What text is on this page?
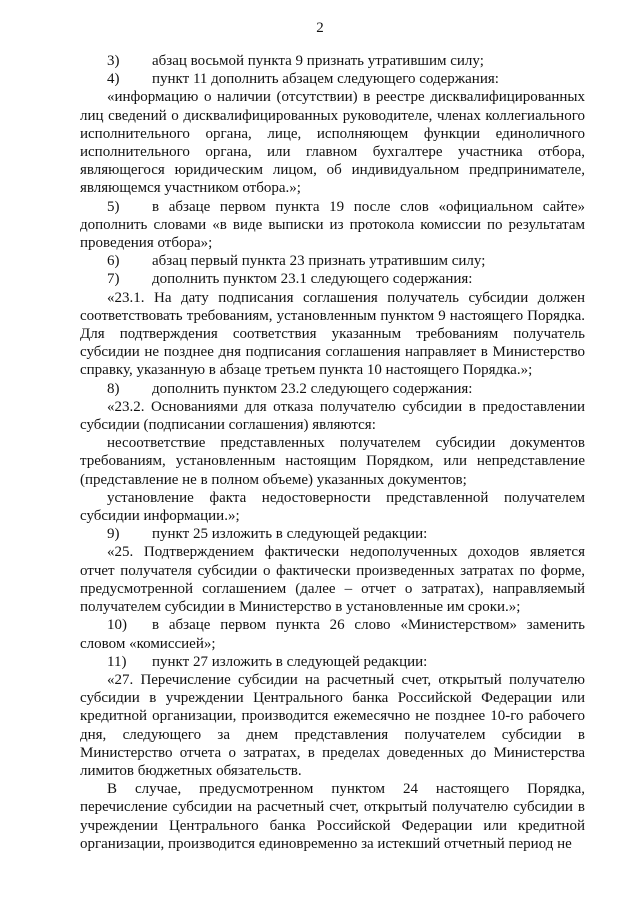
2

3) абзац восьмой пункта 9 признать утратившим силу;

4) пункт 11 дополнить абзацем следующего содержания:

«информацию о наличии (отсутствии) в реестре дисквалифицированных лиц сведений о дисквалифицированных руководителе, членах коллегиального исполнительного органа, лице, исполняющем функции единоличного исполнительного органа, или главном бухгалтере участника отбора, являющегося юридическим лицом, об индивидуальном предпринимателе, являющемся участником отбора.»;

5) в абзаце первом пункта 19 после слов «официальном сайте» дополнить словами «в виде выписки из протокола комиссии по результатам проведения отбора»;

6) абзац первый пункта 23 признать утратившим силу;

7) дополнить пунктом 23.1 следующего содержания:

«23.1. На дату подписания соглашения получатель субсидии должен соответствовать требованиям, установленным пунктом 9 настоящего Порядка. Для подтверждения соответствия указанным требованиям получатель субсидии не позднее дня подписания соглашения направляет в Министерство справку, указанную в абзаце третьем пункта 10 настоящего Порядка.»;

8) дополнить пунктом 23.2 следующего содержания:

«23.2. Основаниями для отказа получателю субсидии в предоставлении субсидии (подписании соглашения) являются:

несоответствие представленных получателем субсидии документов требованиям, установленным настоящим Порядком, или непредставление (представление не в полном объеме) указанных документов;

установление факта недостоверности представленной получателем субсидии информации.»;

9) пункт 25 изложить в следующей редакции:

«25. Подтверждением фактически недополученных доходов является отчет получателя субсидии о фактически произведенных затратах по форме, предусмотренной соглашением (далее – отчет о затратах), направляемый получателем субсидии в Министерство в установленные им сроки.»;

10) в абзаце первом пункта 26 слово «Министерством» заменить словом «комиссией»;

11) пункт 27 изложить в следующей редакции:

«27. Перечисление субсидии на расчетный счет, открытый получателю субсидии в учреждении Центрального банка Российской Федерации или кредитной организации, производится ежемесячно не позднее 10-го рабочего дня, следующего за днем представления получателем субсидии в Министерство отчета о затратах, в пределах доведенных до Министерства лимитов бюджетных обязательств.

В случае, предусмотренном пунктом 24 настоящего Порядка, перечисление субсидии на расчетный счет, открытый получателю субсидии в учреждении Центрального банка Российской Федерации или кредитной организации, производится единовременно за истекший отчетный период не
